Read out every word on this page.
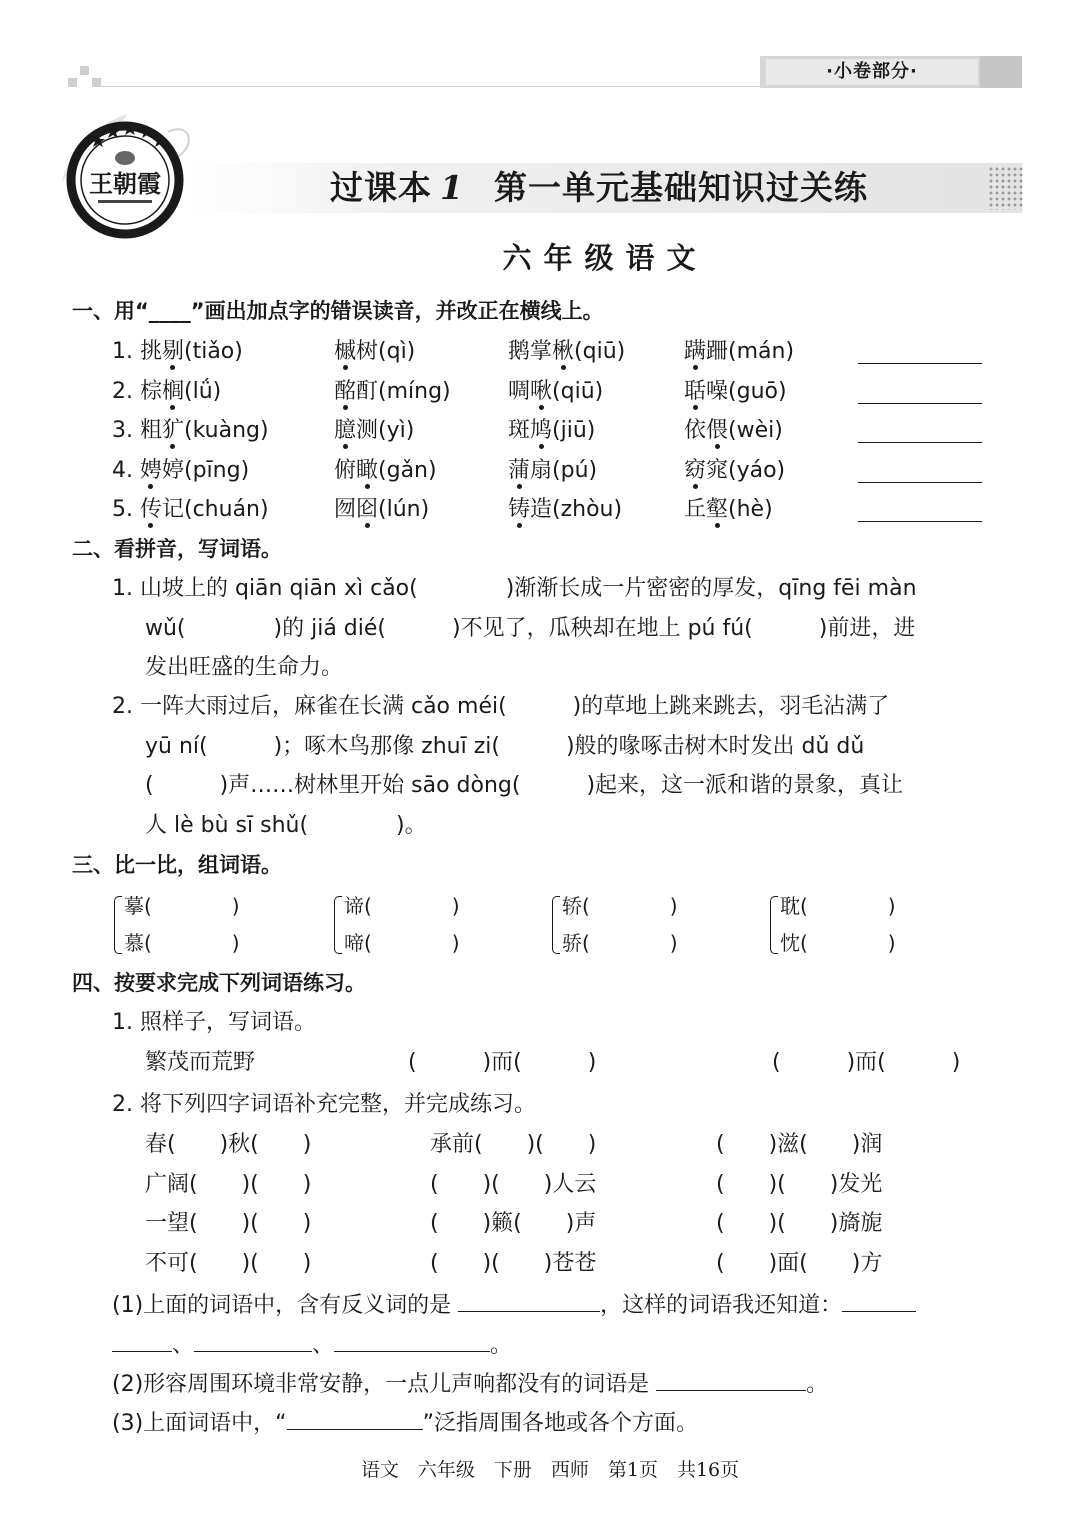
·小卷部分·
王朝霞	过课本 1 第一单元基础知识过关练
六年级语文
一、用“____”画出加点字的错误读音，并改正在横线上。
1. 挑剔(tiǎo)	槭树(qì)	鹅掌楸(qiū)	蹒跚(mán)
2. 棕榈(lǘ)	酩酊(míng)	啁啾(qiū)	聒噪(guō)
3. 粗犷(kuàng)	臆测(yì)	斑鸠(jiū)	依偎(wèi)
4. 娉婷(pīng)	俯瞰(gǎn)	蒲扇(pú)	窈窕(yáo)
5. 传记(chuán)	囫囵(lún)	铸造(zhòu)	丘壑(hè)
二、看拼音，写词语。
1. 山坡上的 qiān qiān xì cǎo(　　　　)渐渐长成一片密密的厚发，qīng fēi màn
wǔ(　　　　)的 jiá dié(　　　)不见了，瓜秧却在地上 pú fú(　　　)前进，进
发出旺盛的生命力。
2. 一阵大雨过后，麻雀在长满 cǎo méi(　　　)的草地上跳来跳去，羽毛沾满了
yū ní(　　　)；啄木鸟那像 zhuī zi(　　　)般的喙啄击树木时发出 dǔ dǔ
(　　　)声……树林里开始 sāo dòng(　　　)起来，这一派和谐的景象，真让
人 lè bù sī shǔ(　　　　)。
三、比一比，组词语。
摹(　　　　)
慕(　　　　)
谛(　　　　)
啼(　　　　)
轿(　　　　)
骄(　　　　)
耽(　　　　)
忱(　　　　)
四、按要求完成下列词语练习。
1. 照样子，写词语。
繁茂而荒野	(　　　)而(　　　)	(　　　)而(　　　)
2. 将下列四字词语补充完整，并完成练习。
春(　　)秋(　　)	承前(　　)(　　)	(　　)滋(　　)润
广阔(　　)(　　)	(　　)(　　)人云	(　　)(　　)发光
一望(　　)(　　)	(　　)籁(　　)声	(　　)(　　)旖旎
不可(　　)(　　)	(　　)(　　)苍苍	(　　)面(　　)方
(1)上面的词语中，含有反义词的是	，这样的词语我还知道：
、	、	。
(2)形容周围环境非常安静，一点儿声响都没有的词语是	。
(3)上面词语中，“	”泛指周围各地或各个方面。
语文　六年级　下册　西师　第1页　共16页
